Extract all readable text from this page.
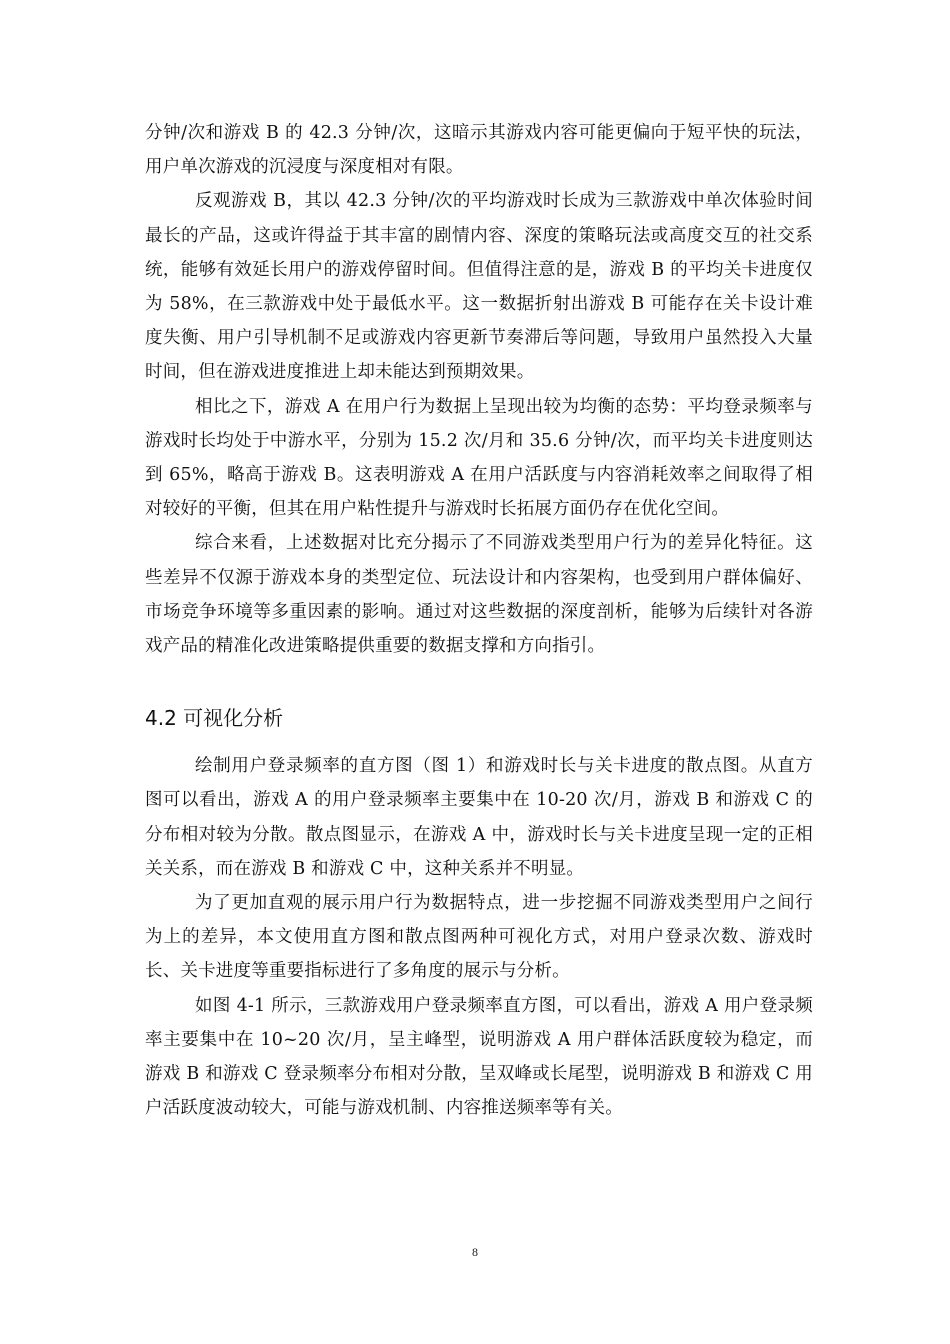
分钟/次和游戏 B 的 42.3 分钟/次，这暗示其游戏内容可能更偏向于短平快的玩法，用户单次游戏的沉浸度与深度相对有限。

反观游戏 B，其以 42.3 分钟/次的平均游戏时长成为三款游戏中单次体验时间最长的产品，这或许得益于其丰富的剧情内容、深度的策略玩法或高度交互的社交系统，能够有效延长用户的游戏停留时间。但值得注意的是，游戏 B 的平均关卡进度仅为 58%，在三款游戏中处于最低水平。这一数据折射出游戏 B 可能存在关卡设计难度失衡、用户引导机制不足或游戏内容更新节奏滞后等问题，导致用户虽然投入大量时间，但在游戏进度推进上却未能达到预期效果。

相比之下，游戏 A 在用户行为数据上呈现出较为均衡的态势：平均登录频率与游戏时长均处于中游水平，分别为 15.2 次/月和 35.6 分钟/次，而平均关卡进度则达到 65%，略高于游戏 B。这表明游戏 A 在用户活跃度与内容消耗效率之间取得了相对较好的平衡，但其在用户粘性提升与游戏时长拓展方面仍存在优化空间。

综合来看，上述数据对比充分揭示了不同游戏类型用户行为的差异化特征。这些差异不仅源于游戏本身的类型定位、玩法设计和内容架构，也受到用户群体偏好、市场竞争环境等多重因素的影响。通过对这些数据的深度剖析，能够为后续针对各游戏产品的精准化改进策略提供重要的数据支撑和方向指引。

4.2 可视化分析

绘制用户登录频率的直方图（图 1）和游戏时长与关卡进度的散点图。从直方图可以看出，游戏 A 的用户登录频率主要集中在 10-20 次/月，游戏 B 和游戏 C 的分布相对较为分散。散点图显示，在游戏 A 中，游戏时长与关卡进度呈现一定的正相关关系，而在游戏 B 和游戏 C 中，这种关系并不明显。

为了更加直观的展示用户行为数据特点，进一步挖掘不同游戏类型用户之间行为上的差异，本文使用直方图和散点图两种可视化方式，对用户登录次数、游戏时长、关卡进度等重要指标进行了多角度的展示与分析。

如图 4-1 所示，三款游戏用户登录频率直方图，可以看出，游戏 A 用户登录频率主要集中在 10~20 次/月，呈主峰型，说明游戏 A 用户群体活跃度较为稳定，而游戏 B 和游戏 C 登录频率分布相对分散，呈双峰或长尾型，说明游戏 B 和游戏 C 用户活跃度波动较大，可能与游戏机制、内容推送频率等有关。

8
